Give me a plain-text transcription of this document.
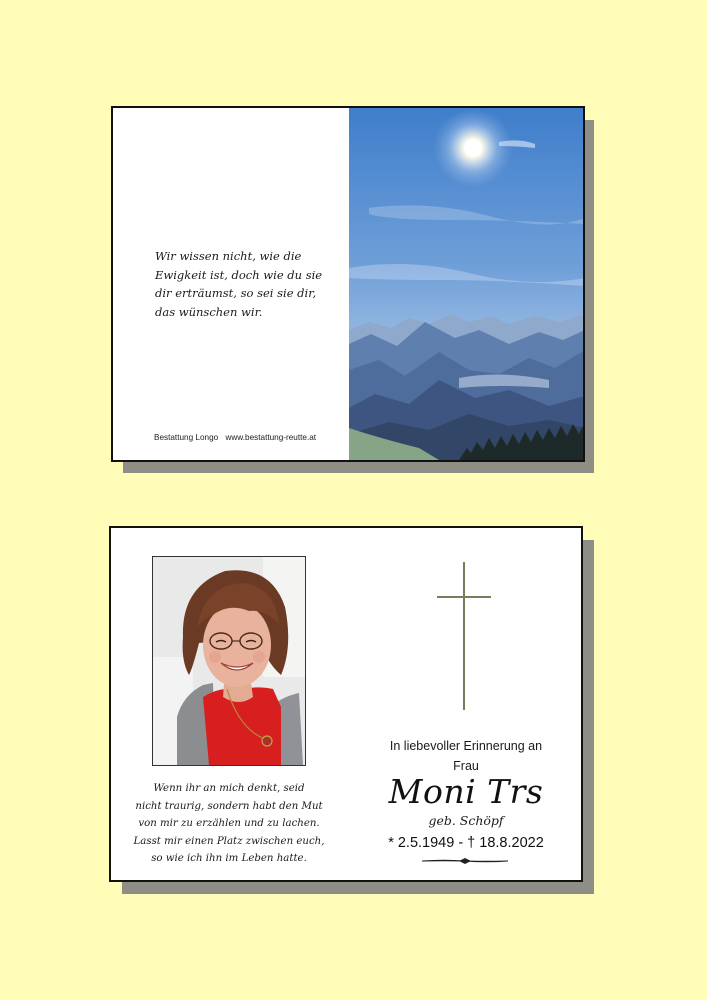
Wir wissen nicht, wie die
Ewigkeit ist, doch wie du sie
dir erträumst, so sei sie dir,
das wünschen wir.
Bestattung Longo www.bestattung-reutte.at
Wenn ihr an mich denkt, seid
nicht traurig, sondern habt den Mut
von mir zu erzählen und zu lachen.
Lasst mir einen Platz zwischen euch,
so wie ich ihn im Leben hatte.
In liebevoller Erinnerung an
Frau
Moni Trs
geb. Schöpf
* 2.5.1949 - † 18.8.2022
